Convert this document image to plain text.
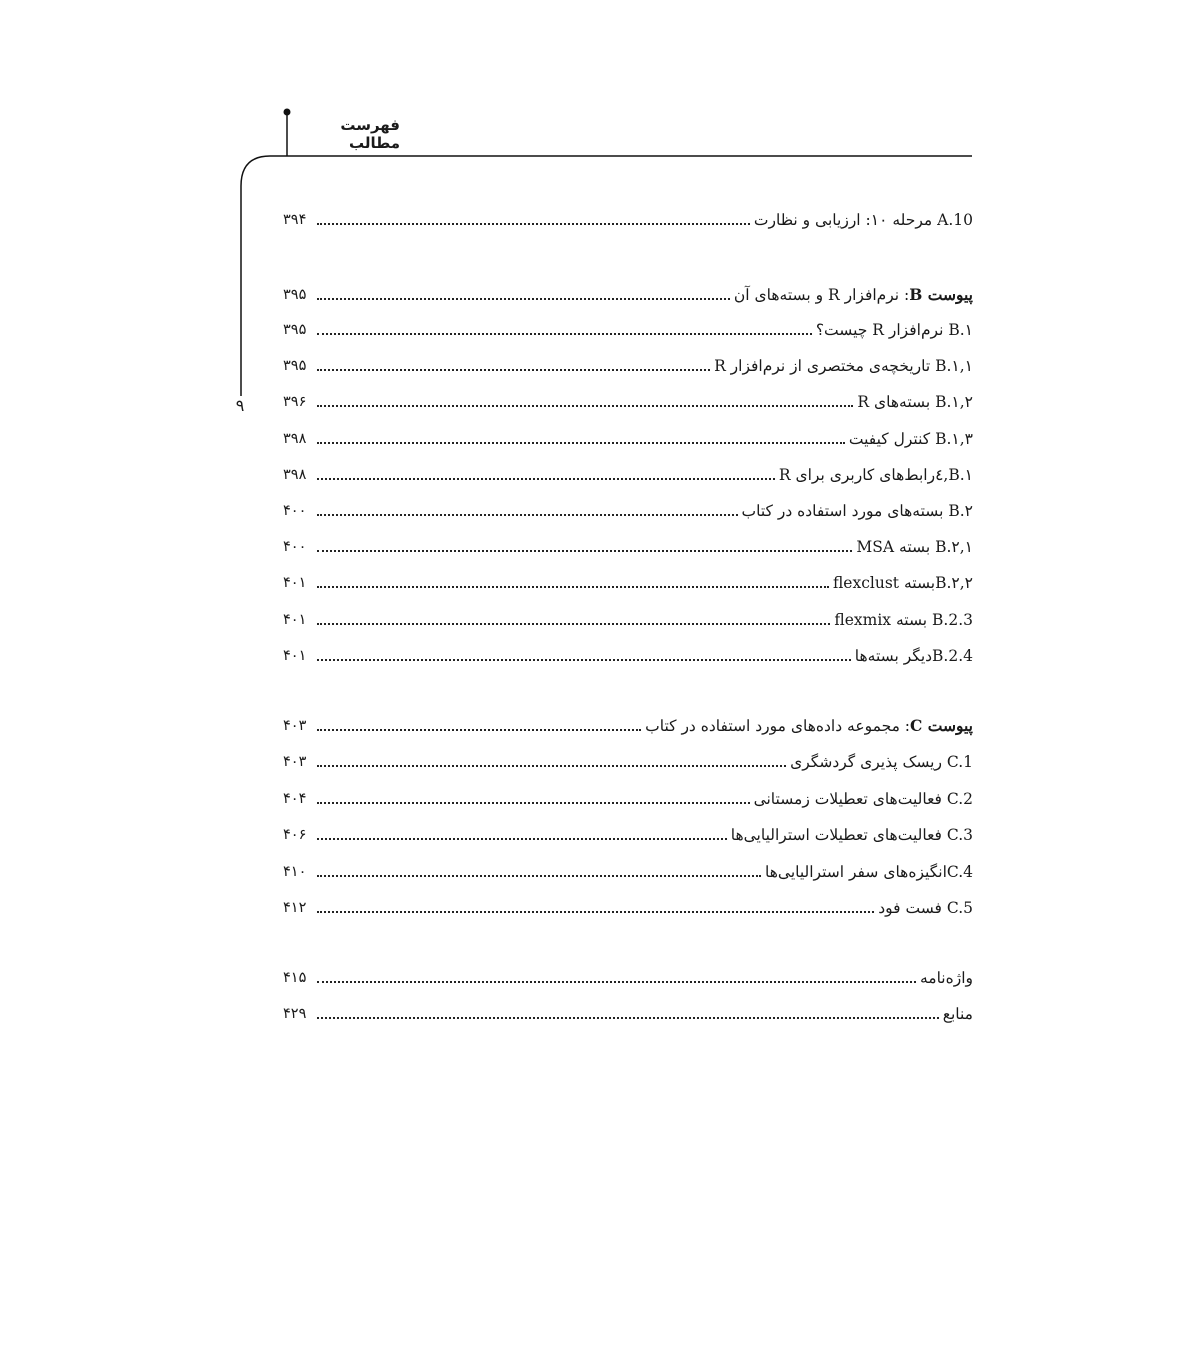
فهرست مطالب
۹
A.10 مرحله ۱۰: ارزیابی و نظارت
۳۹۴
پیوست B: نرم‌افزار R و بسته‌های آن
۳۹۵
B.۱ نرم‌افزار R چیست؟
۳۹۵
B.۱,۱ تاریخچه‌ی مختصری از نرم‌افزار R
۳۹۵
B.۱,۲ بسته‌های R
۳۹۶
B.۱,۳ کنترل کیفیت
۳۹۸
B.۱,٤رابط‌های کاربری برای R
۳۹۸
B.۲ بسته‌های مورد استفاده در کتاب
۴۰۰
B.۲,۱ بسته MSA
۴۰۰
B.۲,۲بسته flexclust
۴۰۱
B.2.3 بسته flexmix
۴۰۱
B.2.4دیگر بسته‌ها
۴۰۱
پیوست C: مجموعه داده‌های مورد استفاده در کتاب
۴۰۳
C.1 ریسک پذیری گردشگری
۴۰۳
C.2 فعالیت‌های تعطیلات زمستانی
۴۰۴
C.3 فعالیت‌های تعطیلات استرالیایی‌ها
۴۰۶
C.4انگیزه‌های سفر استرالیایی‌ها
۴۱۰
C.5 فست فود
۴۱۲
واژه‌نامه
۴۱۵
منابع
۴۲۹
